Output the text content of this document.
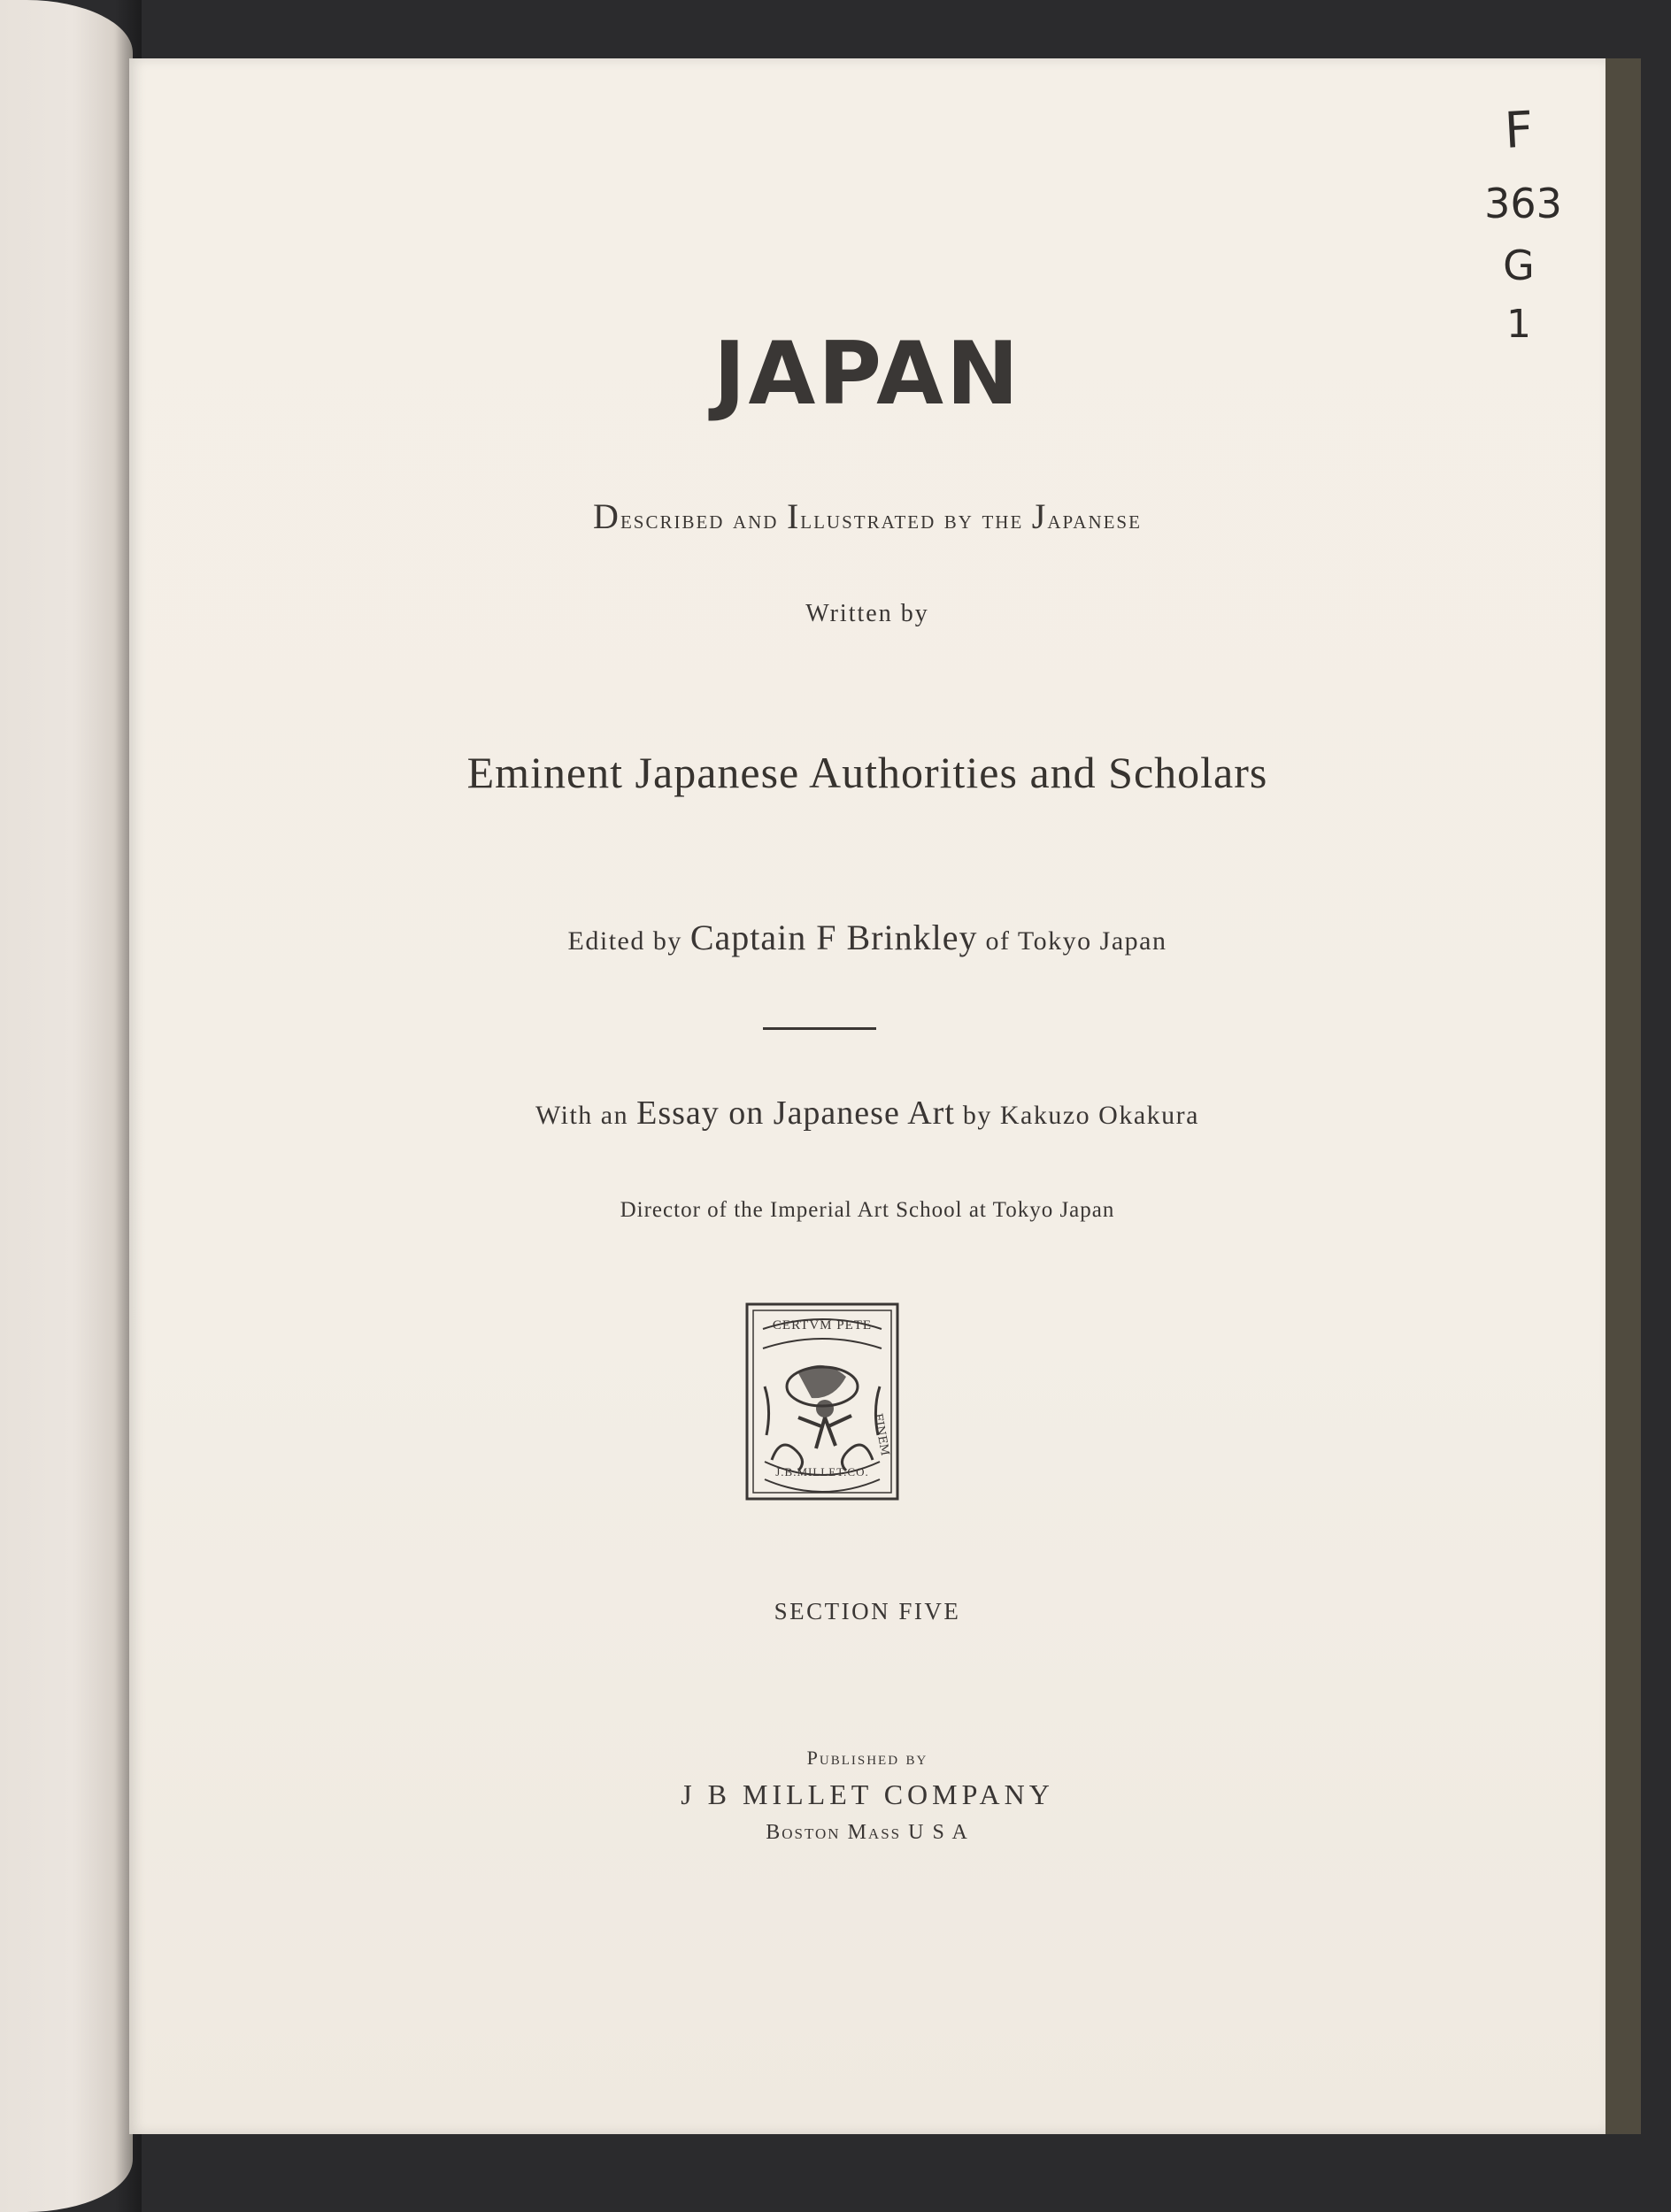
F
363
G
1
JAPAN
Described and Illustrated by the Japanese
Written by
Eminent Japanese Authorities and Scholars
Edited by Captain F Brinkley of Tokyo Japan
With an Essay on Japanese Art by Kakuzo Okakura
Director of the Imperial Art School at Tokyo Japan
FINEM
CERTVM PETE
J.B.MILLET.CO.
SECTION FIVE
Published by
J B MILLET COMPANY
Boston Mass U S A
